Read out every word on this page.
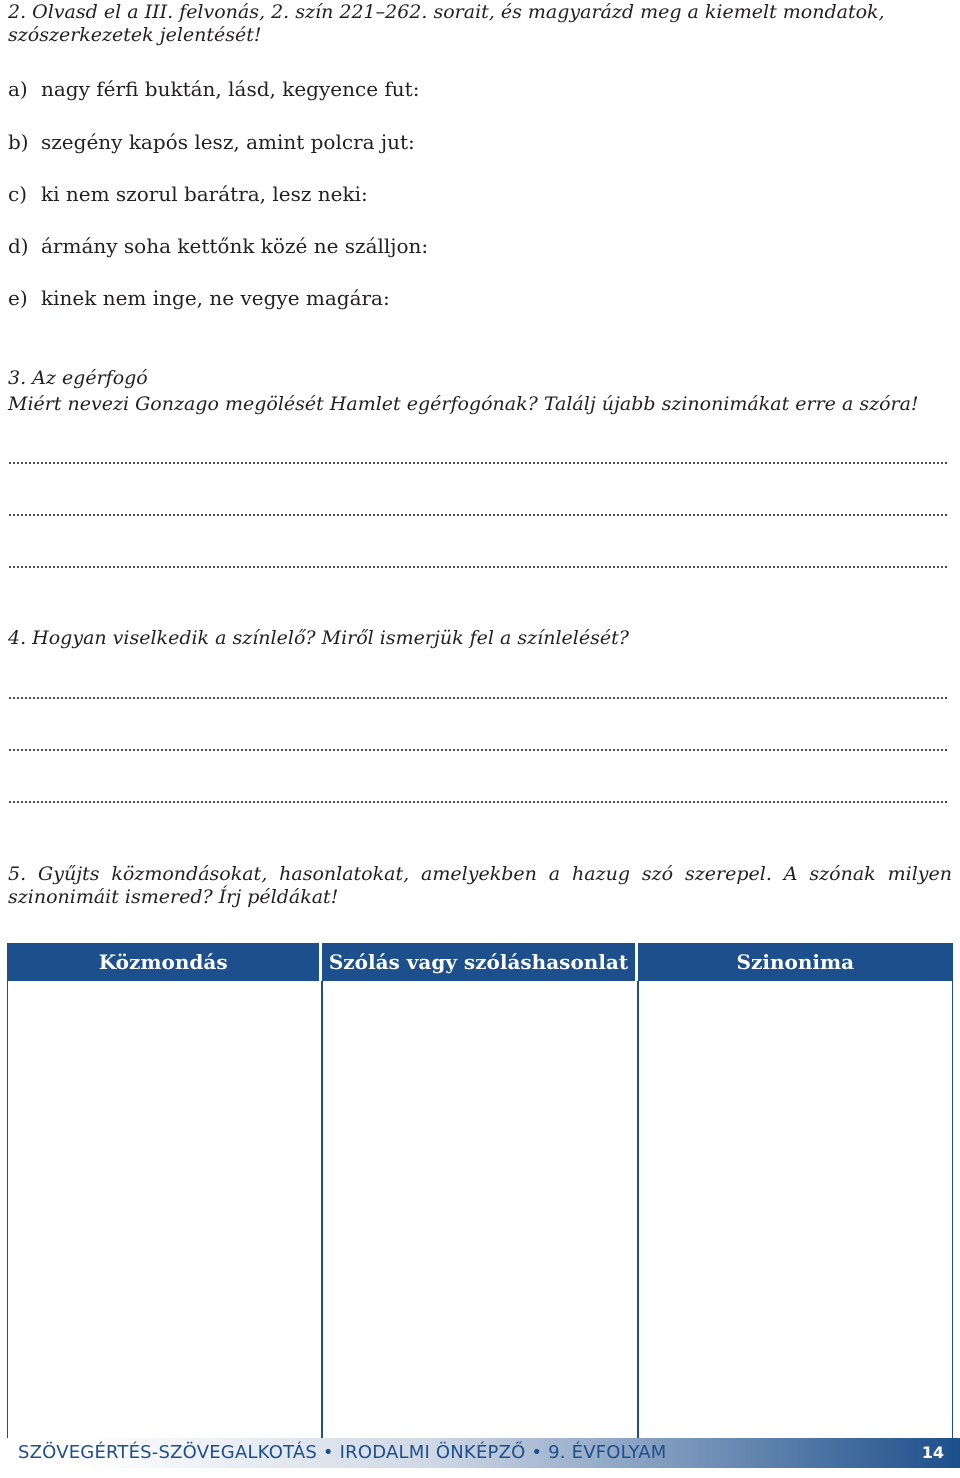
2. Olvasd el a III. felvonás, 2. szín 221–262. sorait, és magyarázd meg a kiemelt mondatok, szószerkezetek jelentését!
a) nagy férfi buktán, lásd, kegyence fut:
b) szegény kapós lesz, amint polcra jut:
c) ki nem szorul barátra, lesz neki:
d) ármány soha kettőnk közé ne szálljon:
e) kinek nem inge, ne vegye magára:
3. Az egérfogó
Miért nevezi Gonzago megölését Hamlet egérfogónak? Találj újabb szinonimákat erre a szóra!
4. Hogyan viselkedik a színlelő? Miről ismerjük fel a színlelését?
5. Gyűjts közmondásokat, hasonlatokat, amelyekben a hazug szó szerepel. A szónak milyen szinonimáit ismered? Írj példákat!
Közmondás	Szólás vagy szóláshasonlat	Szinonima

SZÖVEGÉRTÉS-SZÖVEGALKOTÁS • IRODALMI ÖNKÉPZŐ • 9. ÉVFOLYAM	14
